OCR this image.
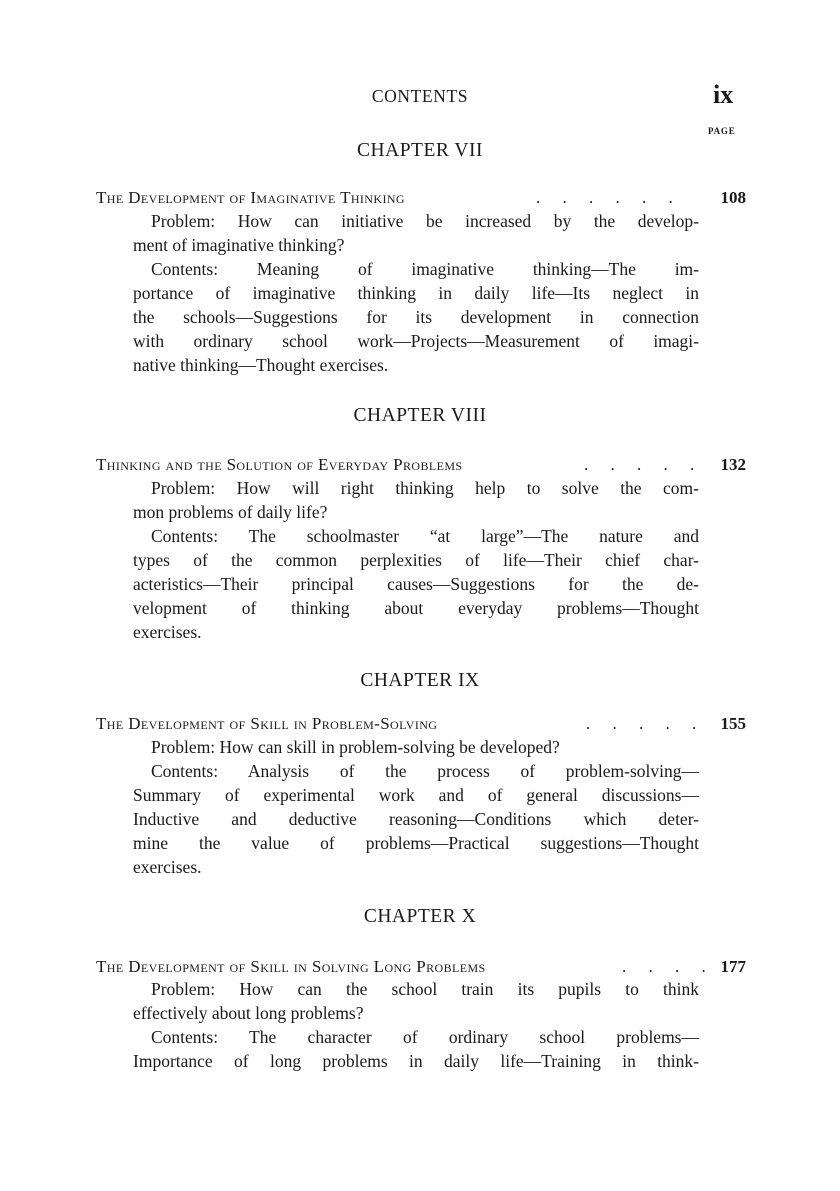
CONTENTS	ix
PAGE
CHAPTER VII
The Development of Imaginative Thinking	. . . . . . 108
Problem: How can initiative be increased by the develop-
ment of imaginative thinking?
Contents: Meaning of imaginative thinking—The im-
portance of imaginative thinking in daily life—Its neglect in
the schools—Suggestions for its development in connection
with ordinary school work—Projects—Measurement of imagi-
native thinking—Thought exercises.
CHAPTER VIII
Thinking and the Solution of Everyday Problems	. . . . . 132
Problem: How will right thinking help to solve the com-
mon problems of daily life?
Contents: The schoolmaster “at large”—The nature and
types of the common perplexities of life—Their chief char-
acteristics—Their principal causes—Suggestions for the de-
velopment of thinking about everyday problems—Thought
exercises.
CHAPTER IX
The Development of Skill in Problem-Solving	. . . . . 155
Problem: How can skill in problem-solving be developed?
Contents: Analysis of the process of problem-solving—
Summary of experimental work and of general discussions—
Inductive and deductive reasoning—Conditions which deter-
mine the value of problems—Practical suggestions—Thought
exercises.
CHAPTER X
The Development of Skill in Solving Long Problems	. . . . 177
Problem: How can the school train its pupils to think
effectively about long problems?
Contents: The character of ordinary school problems—
Importance of long problems in daily life—Training in think-
